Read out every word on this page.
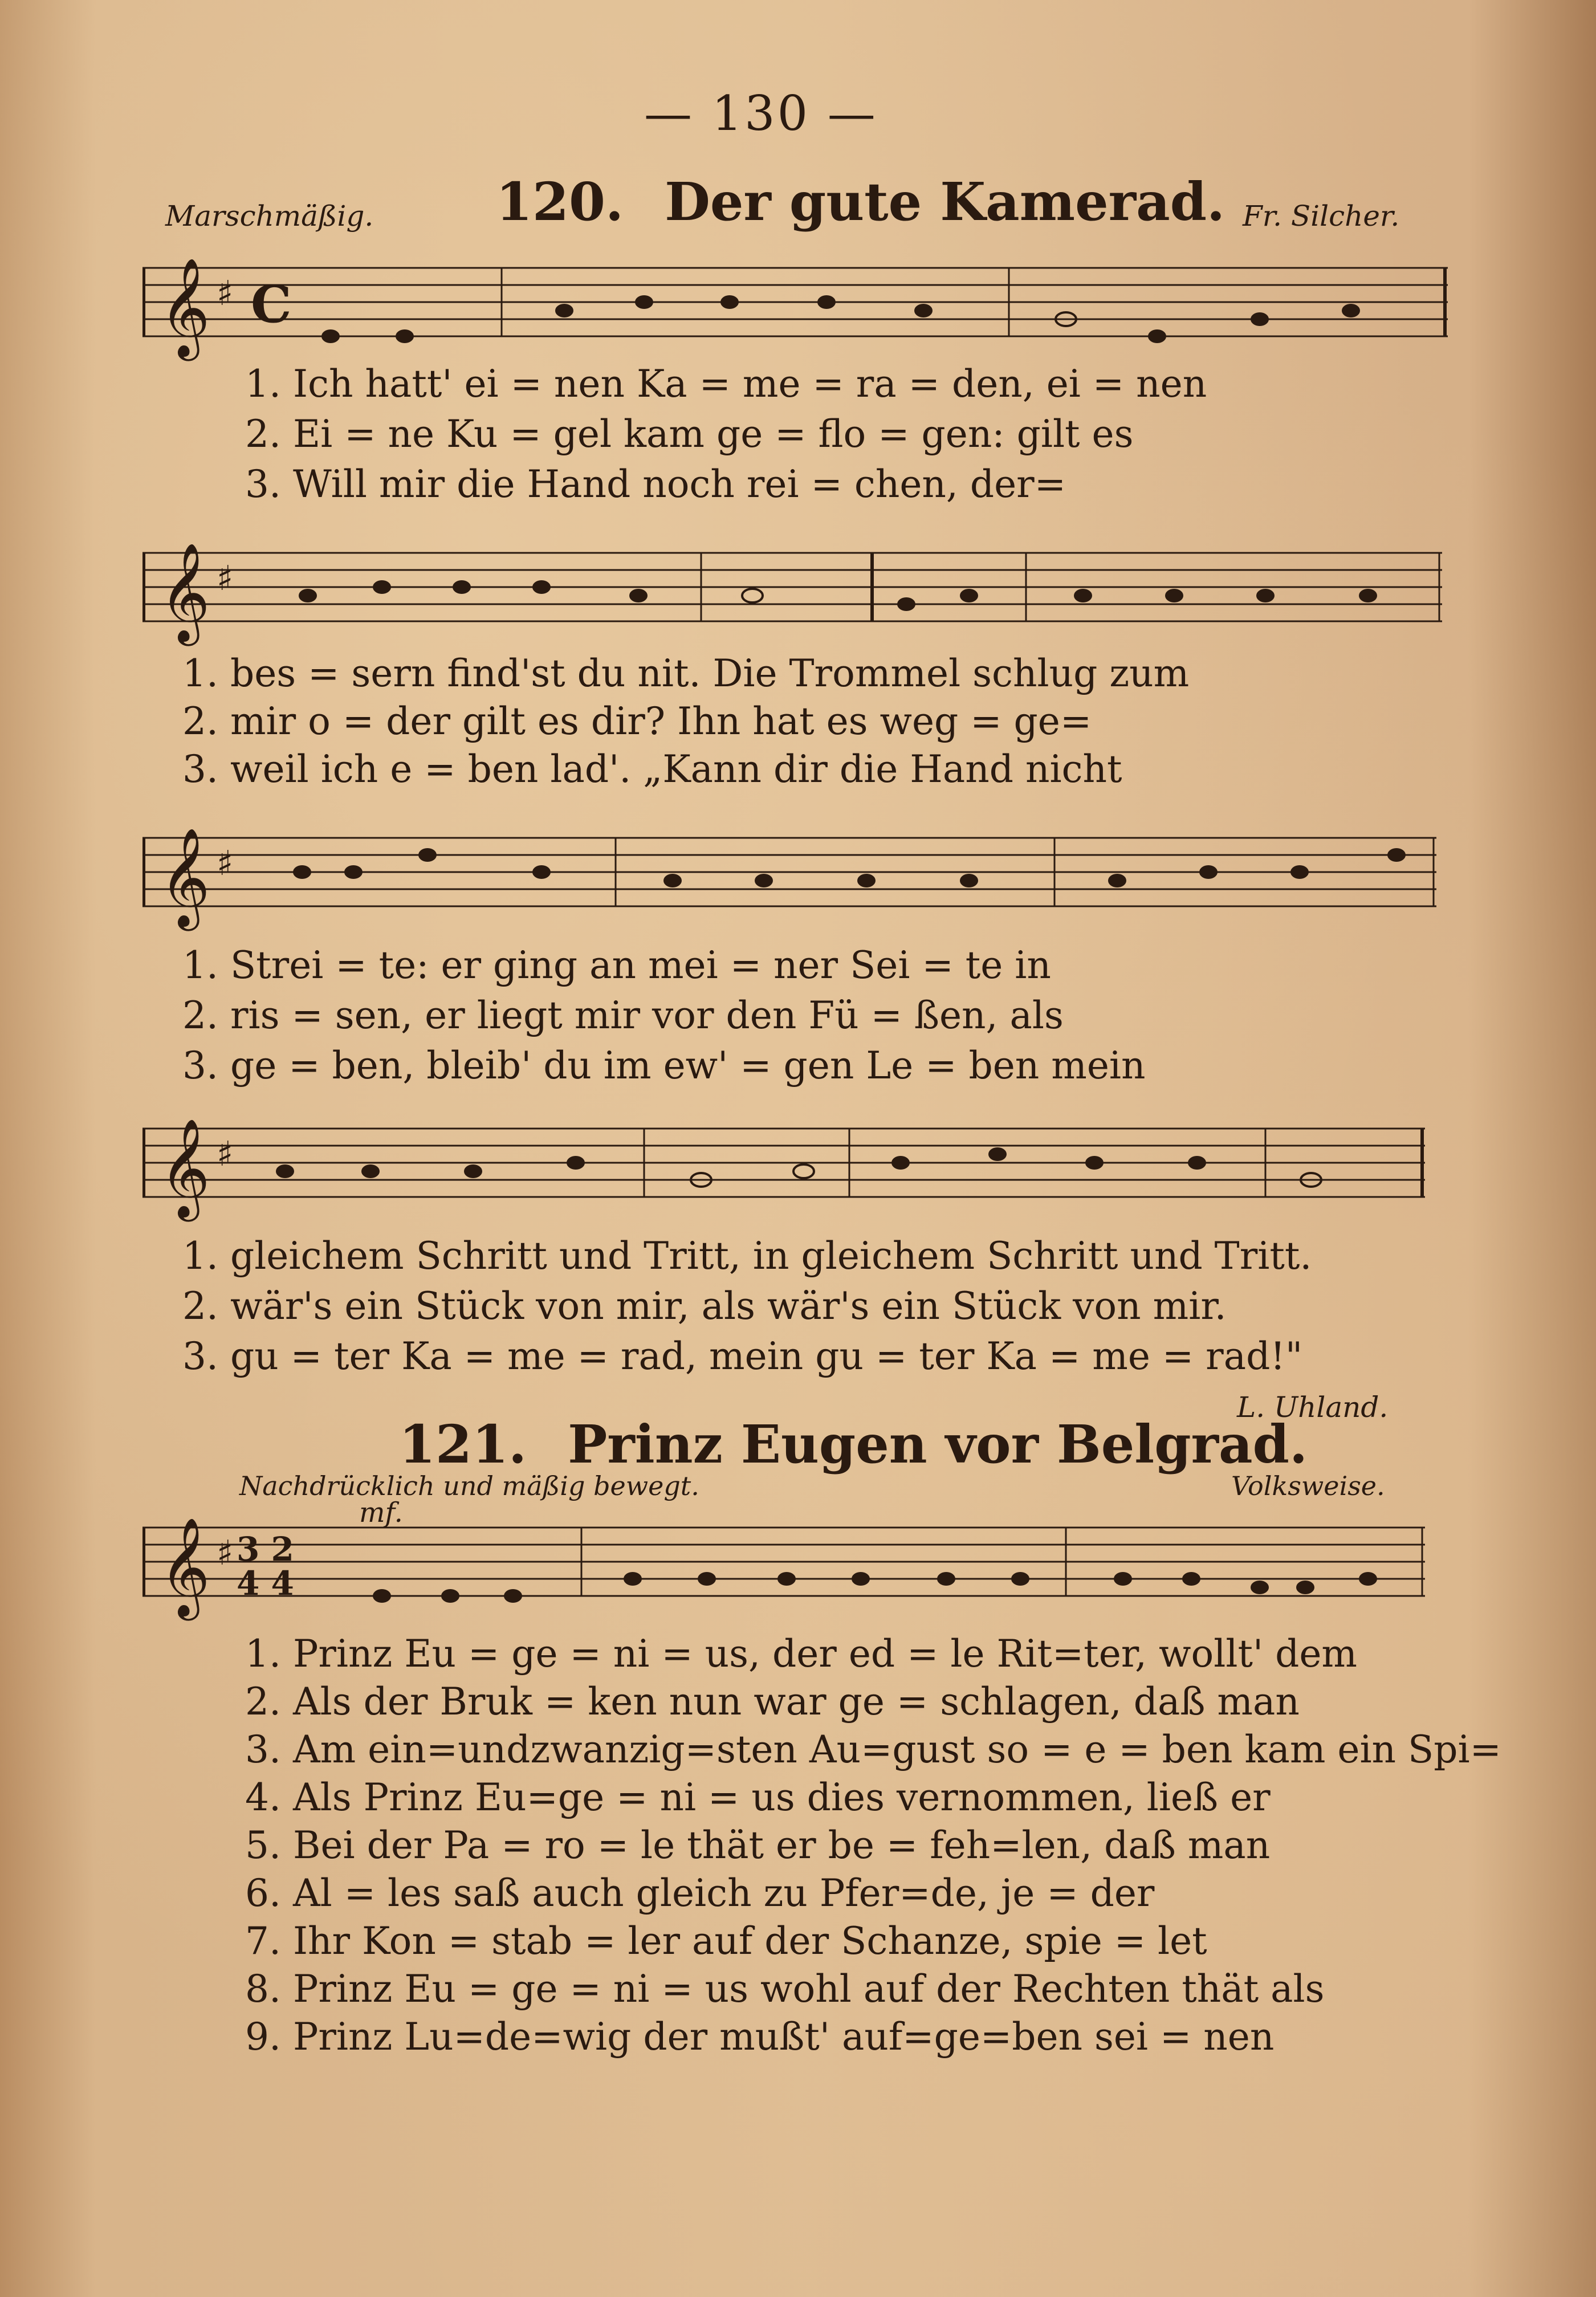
— 130 —
Marschmäßig. 120. Der gute Kamerad. Fr. Silcher.
𝄞 ♯ C
1. Ich hatt' ei = nen Ka = me = ra = den, ei = nen
2. Ei = ne Ku = gel kam ge = flo = gen: gilt es
3. Will mir die Hand noch rei = chen, der=
𝄞 ♯
1. bes = sern find'st du nit. Die Trommel schlug zum
2. mir o = der gilt es dir? Ihn hat es weg = ge=
3. weil ich e = ben lad'. „Kann dir die Hand nicht
𝄞 ♯
1. Strei = te: er ging an mei = ner Sei = te in
2. ris = sen, er liegt mir vor den Fü = ßen, als
3. ge = ben, bleib' du im ew' = gen Le = ben mein
𝄞 ♯
1. gleichem Schritt und Tritt, in gleichem Schritt und Tritt.
2. wär's ein Stück von mir, als wär's ein Stück von mir.
3. gu = ter Ka = me = rad, mein gu = ter Ka = me = rad!"
L. Uhland.
121. Prinz Eugen vor Belgrad.
Nachdrücklich und mäßig bewegt.	Volksweise.
𝄞 ♯ 3 2
4 4
mf.
1. Prinz Eu = ge = ni = us, der ed = le Rit=ter, wollt' dem
2. Als der Bruk = ken nun war ge = schlagen, daß man
3. Am ein=undzwanzig=sten Au=gust so = e = ben kam ein Spi=
4. Als Prinz Eu=ge = ni = us dies vernommen, ließ er
5. Bei der Pa = ro = le thät er be = feh=len, daß man
6. Al = les saß auch gleich zu Pfer=de, je = der
7. Ihr Kon = stab = ler auf der Schanze, spie = let
8. Prinz Eu = ge = ni = us wohl auf der Rechten thät als
9. Prinz Lu=de=wig der mußt' auf=ge=ben sei = nen
